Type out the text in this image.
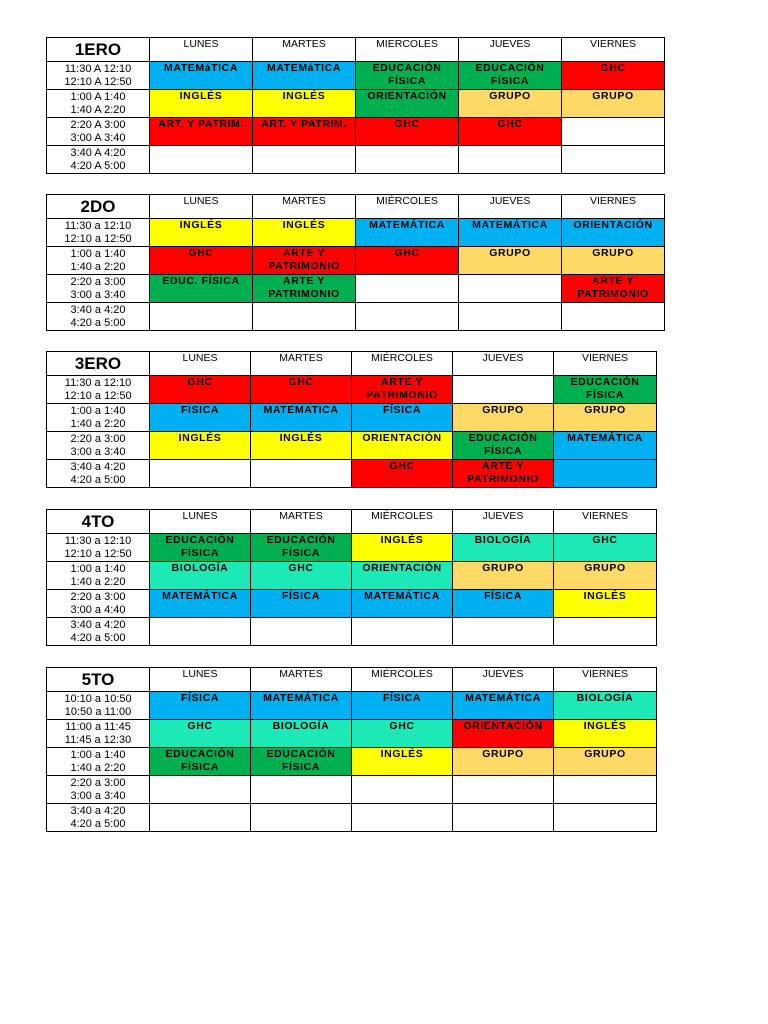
1ERO	LUNES	MARTES	MIERCOLES	JUEVES	VIERNES

11:30 A 12:10
12:10 A 12:50	MATEMáTICA	MATEMáTICA	EDUCACIÓN FÍSICA	EDUCACIÓN FÍSICA	GHC

1:00 A 1:40
1:40 A 2:20	INGLÉS	INGLÉS	ORIENTACIÓN	GRUPO	GRUPO

2:20 A 3:00
3:00 A 3:40	ART. Y PATRIM.	ART. Y PATRIM.	GHC	GHC	

3:40 A 4:20
4:20 A 5:00					

2DO	LUNES	MARTES	MIÉRCOLES	JUEVES	VIERNES

11:30 a 12:10
12:10 a 12:50	INGLÉS	INGLÉS	MATEMÁTICA	MATEMÁTICA	ORIENTACIÓN

1:00 a 1:40
1:40 a 2:20	GHC	ARTE Y PATRIMONIO	GHC	GRUPO	GRUPO

2:20 a 3:00
3:00 a 3:40	EDUC. FÍSICA	ARTE Y PATRIMONIO			ARTE Y PATRIMONIO

3:40 a 4:20
4:20 a 5:00					

3ERO	LUNES	MARTES	MIÉRCOLES	JUEVES	VIERNES

11:30 a 12:10
12:10 a 12:50	GHC	GHC	ARTE Y PATRIMONIO		EDUCACIÓN FÍSICA

1:00 a 1:40
1:40 a 2:20	FISICA	MATEMATICA	FÍSICA	GRUPO	GRUPO

2:20 a 3:00
3:00 a 3:40	INGLÉS	INGLÉS	ORIENTACIÓN	EDUCACIÓN FÍSICA	MATEMÁTICA

3:40 a 4:20
4:20 a 5:00			GHC	ARTE Y PATRIMONIO	
4TO	LUNES	MARTES	MIÉRCOLES	JUEVES	VIERNES

11:30 a 12:10
12:10 a 12:50	EDUCACIÓN FÍSICA	EDUCACIÓN FÍSICA	INGLÉS	BIOLOGÍA	GHC

1:00 a 1:40
1:40 a 2:20	BIOLOGÍA	GHC	ORIENTACIÓN	GRUPO	GRUPO

2:20 a 3:00
3:00 a 4:40	MATEMÁTICA	FÍSICA	MATEMÁTICA	FÍSICA	INGLÉS

3:40 a 4:20
4:20 a 5:00					

5TO	LUNES	MARTES	MIÉRCOLES	JUEVES	VIERNES

10:10 a 10:50
10:50 a 11:00	FÍSICA	MATEMÁTICA	FÍSICA	MATEMÁTICA	BIOLOGÍA

11:00 a 11:45
11:45 a 12:30	GHC	BIOLOGÍA	GHC	ORIENTACIÓN	INGLÉS

1:00 a 1:40
1:40 a 2:20	EDUCACIÓN FÍSICA	EDUCACIÓN FÍSICA	INGLÉS	GRUPO	GRUPO

2:20 a 3:00
3:00 a 3:40					

3:40 a 4:20
4:20 a 5:00					
